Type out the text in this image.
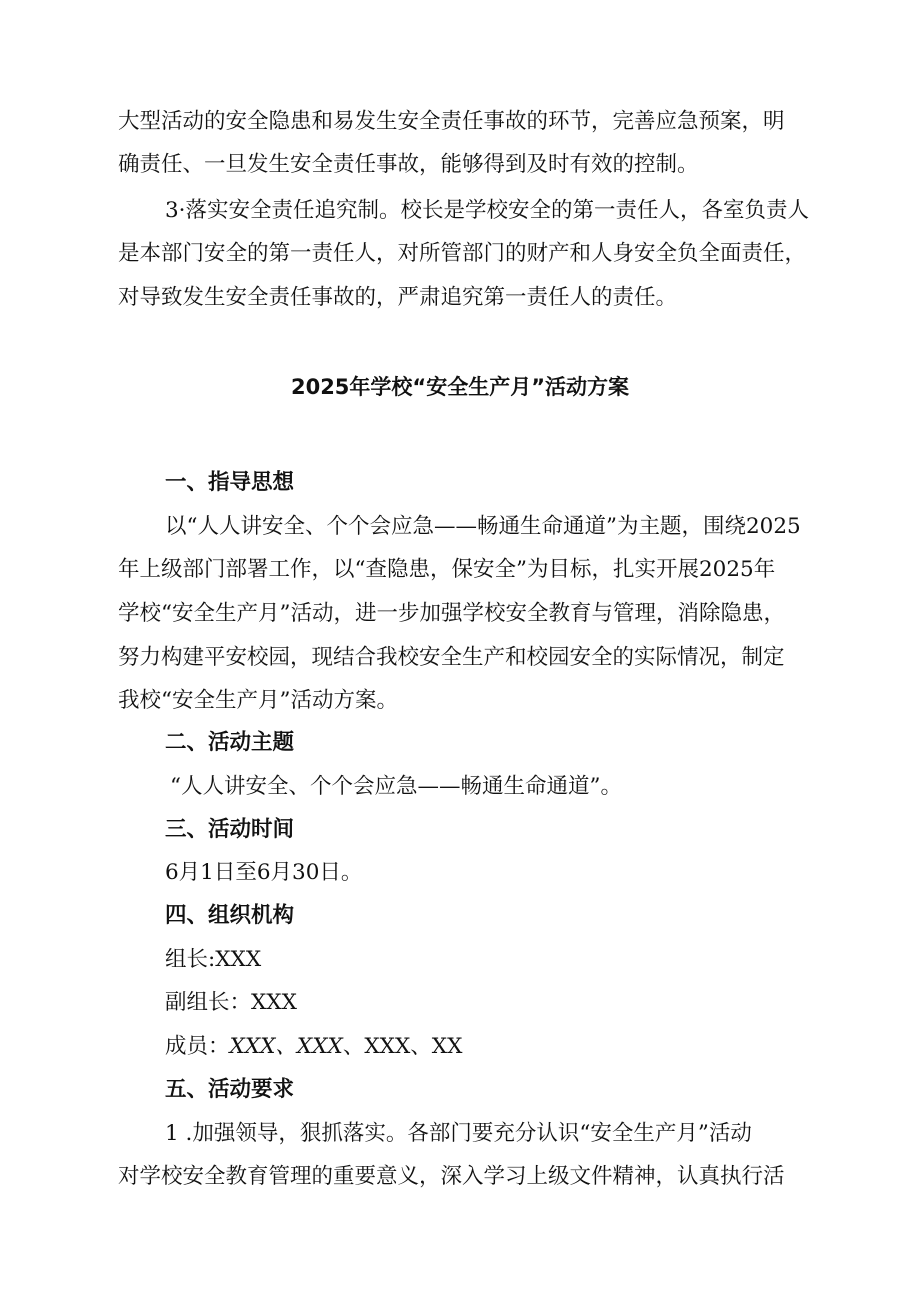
大型活动的安全隐患和易发生安全责任事故的环节，完善应急预案，明
确责任、一旦发生安全责任事故，能够得到及时有效的控制。
3·落实安全责任追究制。校长是学校安全的第一责任人，各室负责人
是本部门安全的第一责任人，对所管部门的财产和人身安全负全面责任，
对导致发生安全责任事故的，严肃追究第一责任人的责任。
2025年学校“安全生产月”活动方案
一、指导思想
以“人人讲安全、个个会应急——畅通生命通道”为主题，围绕2025
年上级部门部署工作，以“查隐患，保安全”为目标，扎实开展2025年
学校“安全生产月”活动，进一步加强学校安全教育与管理，消除隐患，
努力构建平安校园，现结合我校安全生产和校园安全的实际情况，制定
我校“安全生产月”活动方案。
二、活动主题
“人人讲安全、个个会应急——畅通生命通道”。
三、活动时间
6月1日至6月30日。
四、组织机构
组长:XXX
副组长：XXX
成员：XXX、XXX、XXX、XX
五、活动要求
1 .加强领导，狠抓落实。各部门要充分认识“安全生产月”活动
对学校安全教育管理的重要意义，深入学习上级文件精神，认真执行活
